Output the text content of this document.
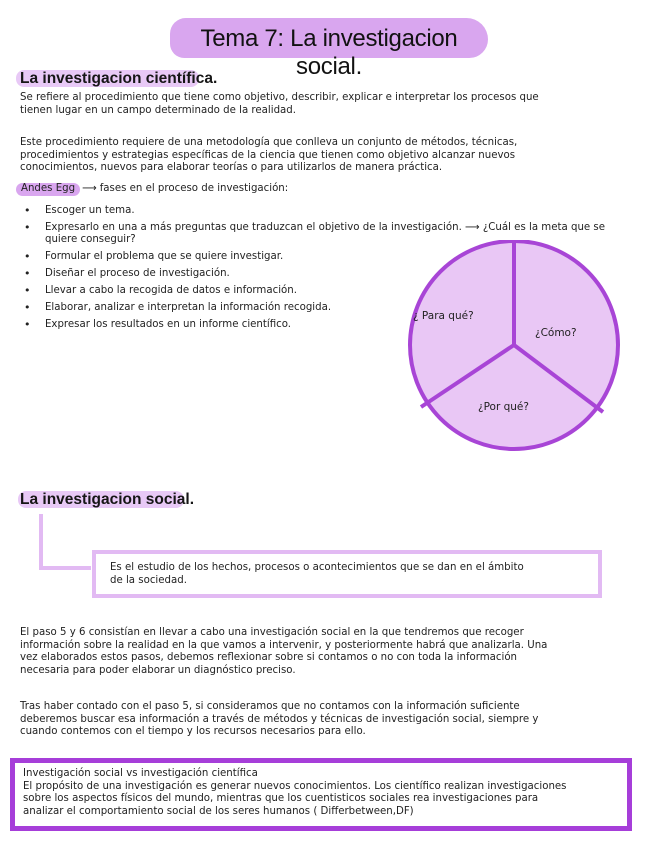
Tema 7: La investigacion social.
La investigacion científica.
Se refiere al procedimiento que tiene como objetivo, describir, explicar e interpretar los procesos que
tienen lugar en un campo determinado de la realidad.
Este procedimiento requiere de una metodología que conlleva un conjunto de métodos, técnicas,
procedimientos y estrategias específicas de la ciencia que tienen como objetivo alcanzar nuevos
conocimientos, nuevos para elaborar teorías o para utilizarlos de manera práctica.
Andes Egg ⟶ fases en el proceso de investigación:
• Escoger un tema.
• Expresarlo en una a más preguntas que traduzcan el objetivo de la investigación. ⟶ ¿Cuál es la meta que se quiere conseguir?
• Formular el problema que se quiere investigar.
• Diseñar el proceso de investigación.
• Llevar a cabo la recogida de datos e información.
• Elaborar, analizar e interpretan la información recogida.
• Expresar los resultados en un informe científico.
¿ Para qué?
¿Cómo?
¿Por qué?
La investigacion social.
Es el estudio de los hechos, procesos o acontecimientos que se dan en el ámbito
de la sociedad.
El paso 5 y 6 consistían en llevar a cabo una investigación social en la que tendremos que recoger
información sobre la realidad en la que vamos a intervenir, y posteriormente habrá que analizarla. Una
vez elaborados estos pasos, debemos reflexionar sobre si contamos o no con toda la información
necesaria para poder elaborar un diagnóstico preciso.
Tras haber contado con el paso 5, si consideramos que no contamos con la información suficiente
deberemos buscar esa información a través de métodos y técnicas de investigación social, siempre y
cuando contemos con el tiempo y los recursos necesarios para ello.
Investigación social vs investigación científica
El propósito de una investigación es generar nuevos conocimientos. Los científico realizan investigaciones
sobre los aspectos físicos del mundo, mientras que los cuentisticos sociales rea investigaciones para
analizar el comportamiento social de los seres humanos ( Differbetween,DF)
